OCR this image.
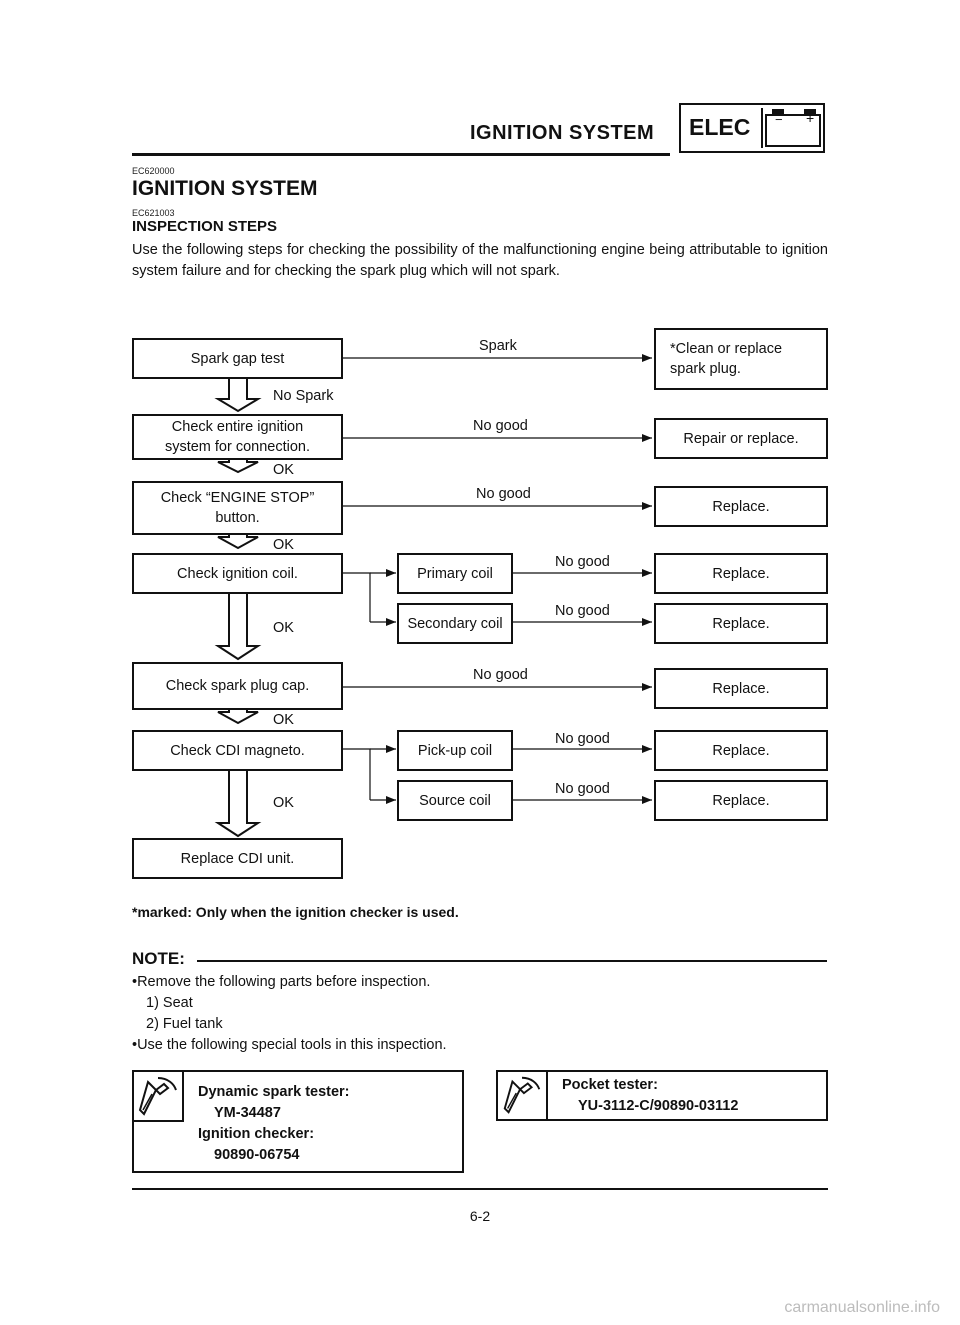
IGNITION SYSTEM ELEC − +
EC620000
IGNITION SYSTEM
EC621003
INSPECTION STEPS
Use the following steps for checking the possibility of the malfunctioning engine being attributable to ignition system failure and for checking the spark plug which will not spark.
Spark gap test
Check entire ignition
system for connection.
Check “ENGINE STOP”
button.
Check ignition coil.
Check spark plug cap.
Check CDI magneto.
Replace CDI unit.
Primary coil
Secondary coil
Pick-up coil
Source coil
*Clean or replace
spark plug.
Repair or replace.
Replace.
Replace.
Replace.
Replace.
Replace.
Replace.
Spark
No Spark
No good
OK
No good
OK
No good
No good
OK
No good
OK
No good
No good
OK
*marked: Only when the ignition checker is used.
NOTE:
•Remove the following parts before inspection.
1) Seat
2) Fuel tank
•Use the following special tools in this inspection.
Dynamic spark tester:
YM-34487
Ignition checker:
90890-06754
Pocket tester:
YU-3112-C/90890-03112
6-2
carmanualsonline.info
